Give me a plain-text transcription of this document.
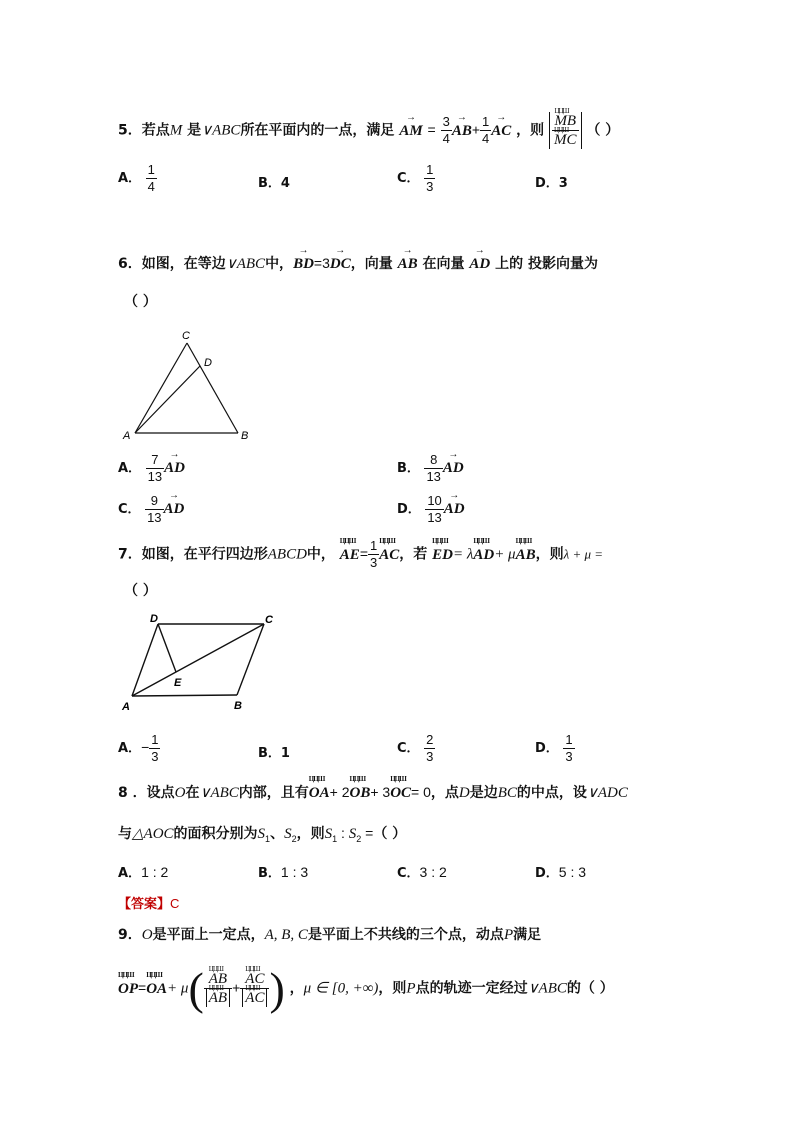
5．若点M 是∨ABC所在平面内的一点，满足 → AM = $\frac{3}{4}$
→ $AB+ \frac{1}{4}$
→ AC ，则
ЦЦШ MB
ЦЦШ MC （ ）
A． $\frac{1}{4}$	B．4	C． $\frac{1}{3}$	D．3
6．如图，在等边∨ABC中，→ BD=3→ DC，向量 → AB 在向量 → AD 上的 投影向量为
（ ）
A	B
C
D
A． $\frac{7}{13}$
→ AD	B． $\frac{8}{13}$
→ AD
C． $\frac{9}{13}$
→ AD	D． $\frac{10}{13}$
→ AD
7．如图，在平行四边形ABCD中， ЦЦШ $AE= \frac{1}{3}$
ЦЦШ AC，若 ЦЦШ ED= λЦЦШ AD+ μЦЦШ AB，则λ + μ =
（ ）
A	B
C
D
E
A．− $\frac{1}{3}$	B．1	C． $\frac{2}{3}$	D． $\frac{1}{3}$
8 ．设点O在∨ABC内部，且有ЦЦШ OA+ 2ЦЦШ OB+ 3ЦЦШ OC= 0，点D是边BC的中点，设∨ADC
与△AOC的面积分别为$S_1$、$S_2$，则$S_1$ : $S_2$ =（ ）
A．1 : 2	B．1 : 3	C．3 : 2	D．5 : 3
【答案】C
9．O是平面上一定点，A, B, C是平面上不共线的三个点，动点P满足
ЦЦШ OP=ЦЦШ OA+ μ(
ЦЦШ AB
ЦЦШ AB +
ЦЦШ AC
ЦЦШ AC ) ，μ ∈ [0, +∞)，则P点的轨迹一定经过∨ABC的（ ）
